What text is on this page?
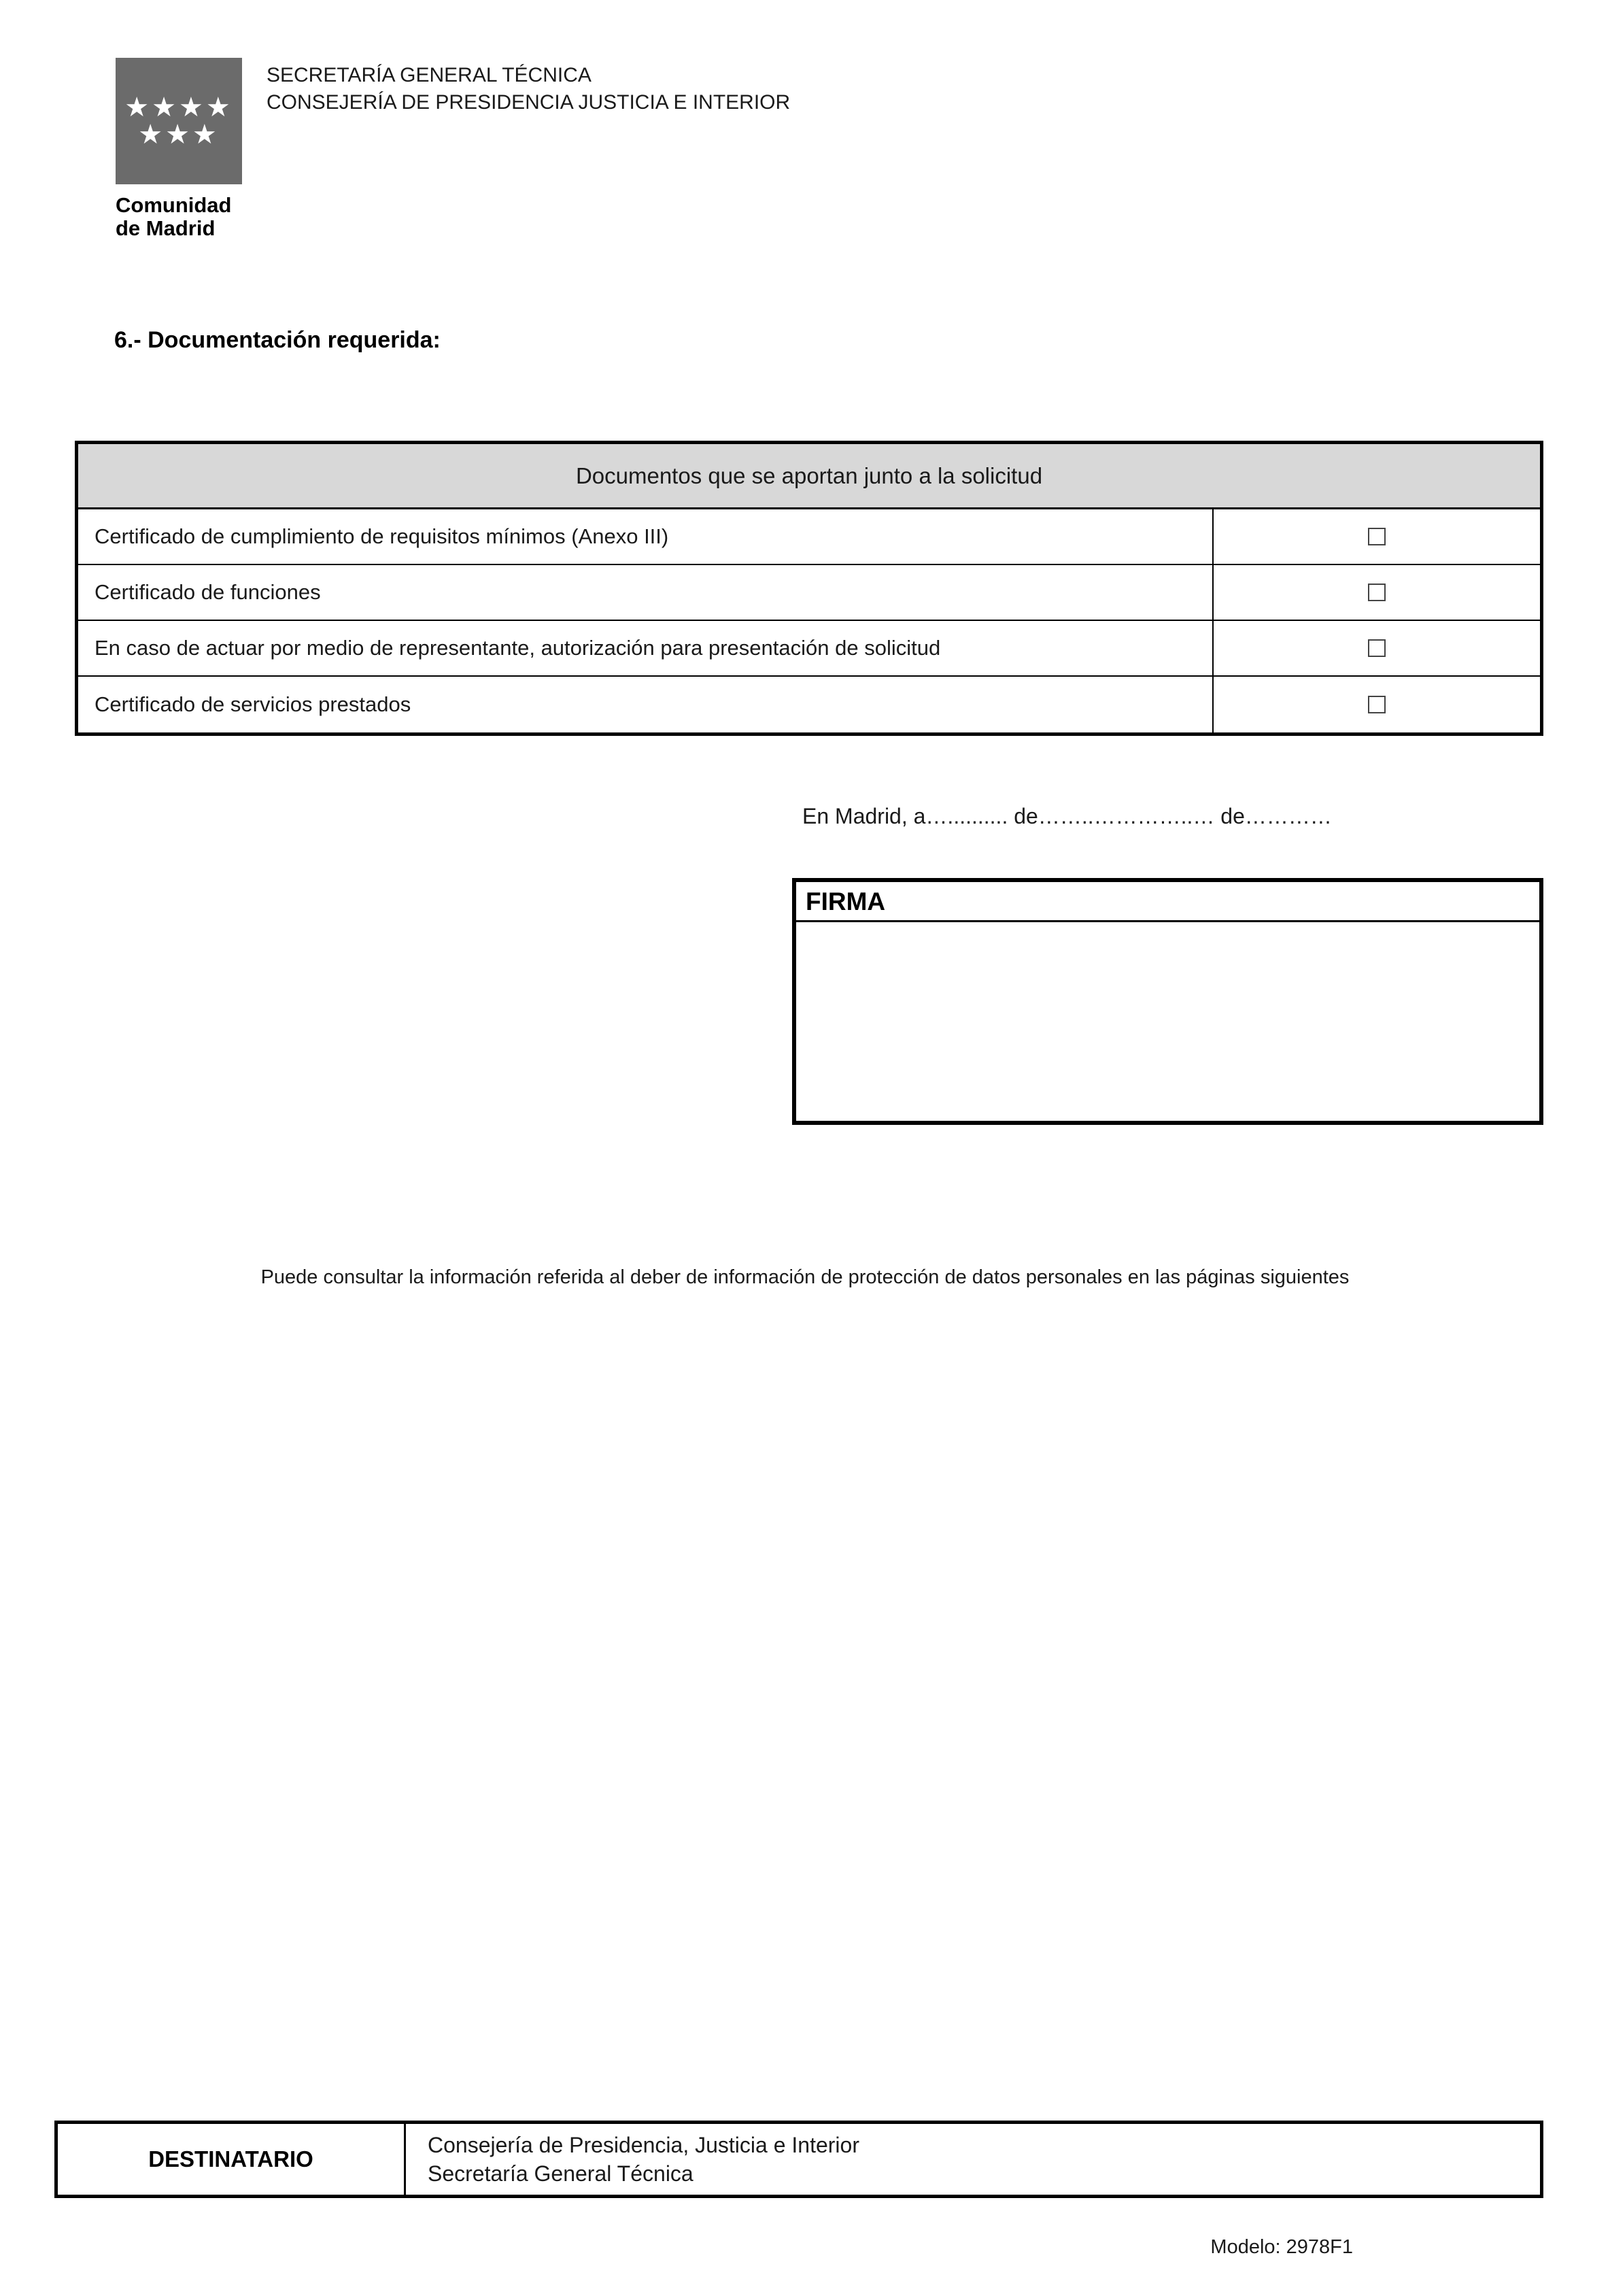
★★★★
★★★
Comunidad
de Madrid
SECRETARÍA GENERAL TÉCNICA
CONSEJERÍA DE PRESIDENCIA JUSTICIA E INTERIOR
6.- Documentación requerida:
Documentos que se aportan junto a la solicitud
Certificado de cumplimiento de requisitos mínimos (Anexo III)
Certificado de funciones
En caso de actuar por medio de representante, autorización para presentación de solicitud
Certificado de servicios prestados
En Madrid, a….......... de……..…………..… de…………
FIRMA
Puede consultar la información referida al deber de información de protección de datos personales en las páginas siguientes
DESTINATARIO
Consejería de Presidencia, Justicia e Interior
Secretaría General Técnica
Modelo: 2978F1
